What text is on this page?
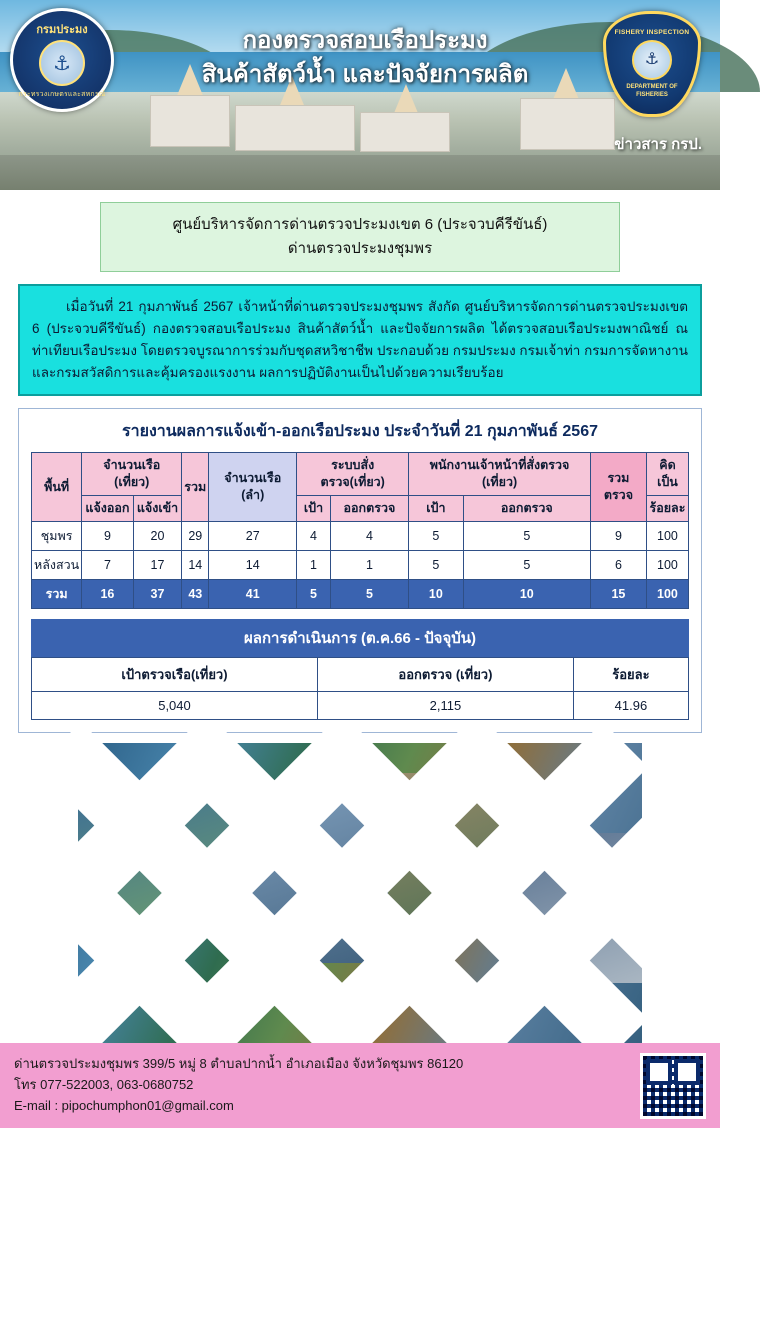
กรมประมง
⚓
กระทรวงเกษตรและสหกรณ์
กองตรวจสอบเรือประมง
สินค้าสัตว์น้ำ และปัจจัยการผลิต
ข่าวสาร กรป.
FISHERY INSPECTION
⚓
DEPARTMENT OF FISHERIES
ศูนย์บริหารจัดการด่านตรวจประมงเขต 6 (ประจวบคีรีขันธ์)
ด่านตรวจประมงชุมพร
เมื่อวันที่ 21 กุมภาพันธ์ 2567 เจ้าหน้าที่ด่านตรวจประมงชุมพร สังกัด ศูนย์บริหารจัดการด่านตรวจประมงเขต 6 (ประจวบคีรีขันธ์) กองตรวจสอบเรือประมง สินค้าสัตว์น้ำ และปัจจัยการผลิต ได้ตรวจสอบเรือประมงพาณิชย์ ณ ท่าเทียบเรือประมง โดยตรวจบูรณาการร่วมกับชุดสหวิชาชีพ ประกอบด้วย กรมประมง กรมเจ้าท่า กรมการจัดหางาน และกรมสวัสดิการและคุ้มครองแรงงาน ผลการปฏิบัติงานเป็นไปด้วยความเรียบร้อย
รายงานผลการแจ้งเข้า-ออกเรือประมง ประจำวันที่ 21 กุมภาพันธ์ 2567
พื้นที่	จำนวนเรือ (เที่ยว)		รวม	จำนวนเรือ (ลำ)	ระบบสั่งตรวจ(เที่ยว)		พนักงานเจ้าหน้าที่สั่งตรวจ (เที่ยว)		รวมตรวจ	คิดเป็น
	แจ้งออก	แจ้งเข้า			เป้า	ออกตรวจ	เป้า	ออกตรวจ		ร้อยละ
ชุมพร	9	20	29	27	4	4	5	5	9	100
หลังสวน	7	17	14	14	1	1	5	5	6	100
รวม	16	37	43	41	5	5	10	10	15	100
ผลการดำเนินการ (ต.ค.66 - ปัจจุบัน)
เป้าตรวจเรือ(เที่ยว)	ออกตรวจ (เที่ยว)	ร้อยละ
5,040	2,115	41.96
ด่านตรวจประมงชุมพร 399/5 หมู่ 8 ตำบลปากน้ำ อำเภอเมือง จังหวัดชุมพร 86120
โทร 077-522003, 063-0680752
E-mail : pipochumphon01@gmail.com
